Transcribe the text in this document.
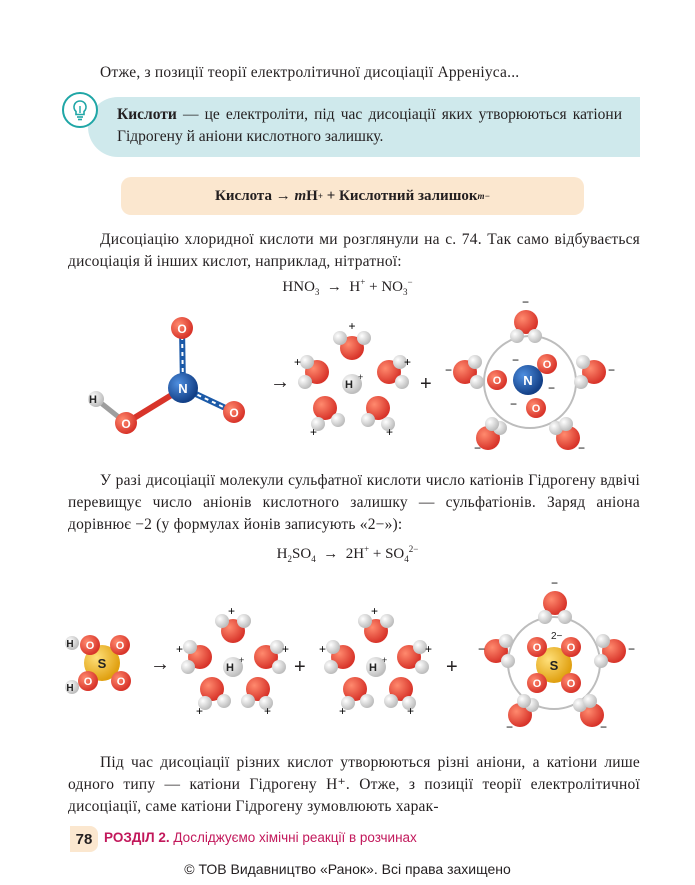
Отже, з позиції теорії електролітичної дисоціації Арреніуса...
Кислоти — це електроліти, під час дисоціації яких утворюються катіони Гідрогену й аніони кислотного залишку.
Кислота
→
m H +
+
Кислотний залишок m−
Дисоціацію хлоридної кислоти ми розглянули на с. 74. Так само відбувається дисоціація й інших кислот, наприклад, нітратної:
$HNO_3 \to H^+ + NO_3^-$
O
O
O
H
N	→	H
+
+
+	+
+	+
+	N
O
O
O
−
−
−
−
−	−
−	−
У разі дисоціації молекули сульфатної кислоти число катіонів Гідрогену вдвічі перевищує число аніонів кислотного залишку — сульфатіонів. Заряд аніона дорівнює −2 (у формулах йонів записують «2−»):
$H_2SO_4 \to 2H^+ + SO_4^{2-}$
S
O O
O O
H
H
→	H
+
+
+	+
+	+
+	H
+
+
+	+
+	+
+
2−
S
O O
O O
−
−	−
−	−
Під час дисоціації різних кислот утворюються різні аніони, а катіони лише одного типу — катіони Гідрогену H⁺. Отже, з позиції теорії електролітичної дисоціації, саме катіони Гідрогену зумовлюють харак-
78 РОЗДІЛ 2. Досліджуємо хімічні реакції в розчинах
© ТОВ Видавництво «Ранок». Всі права захищено
